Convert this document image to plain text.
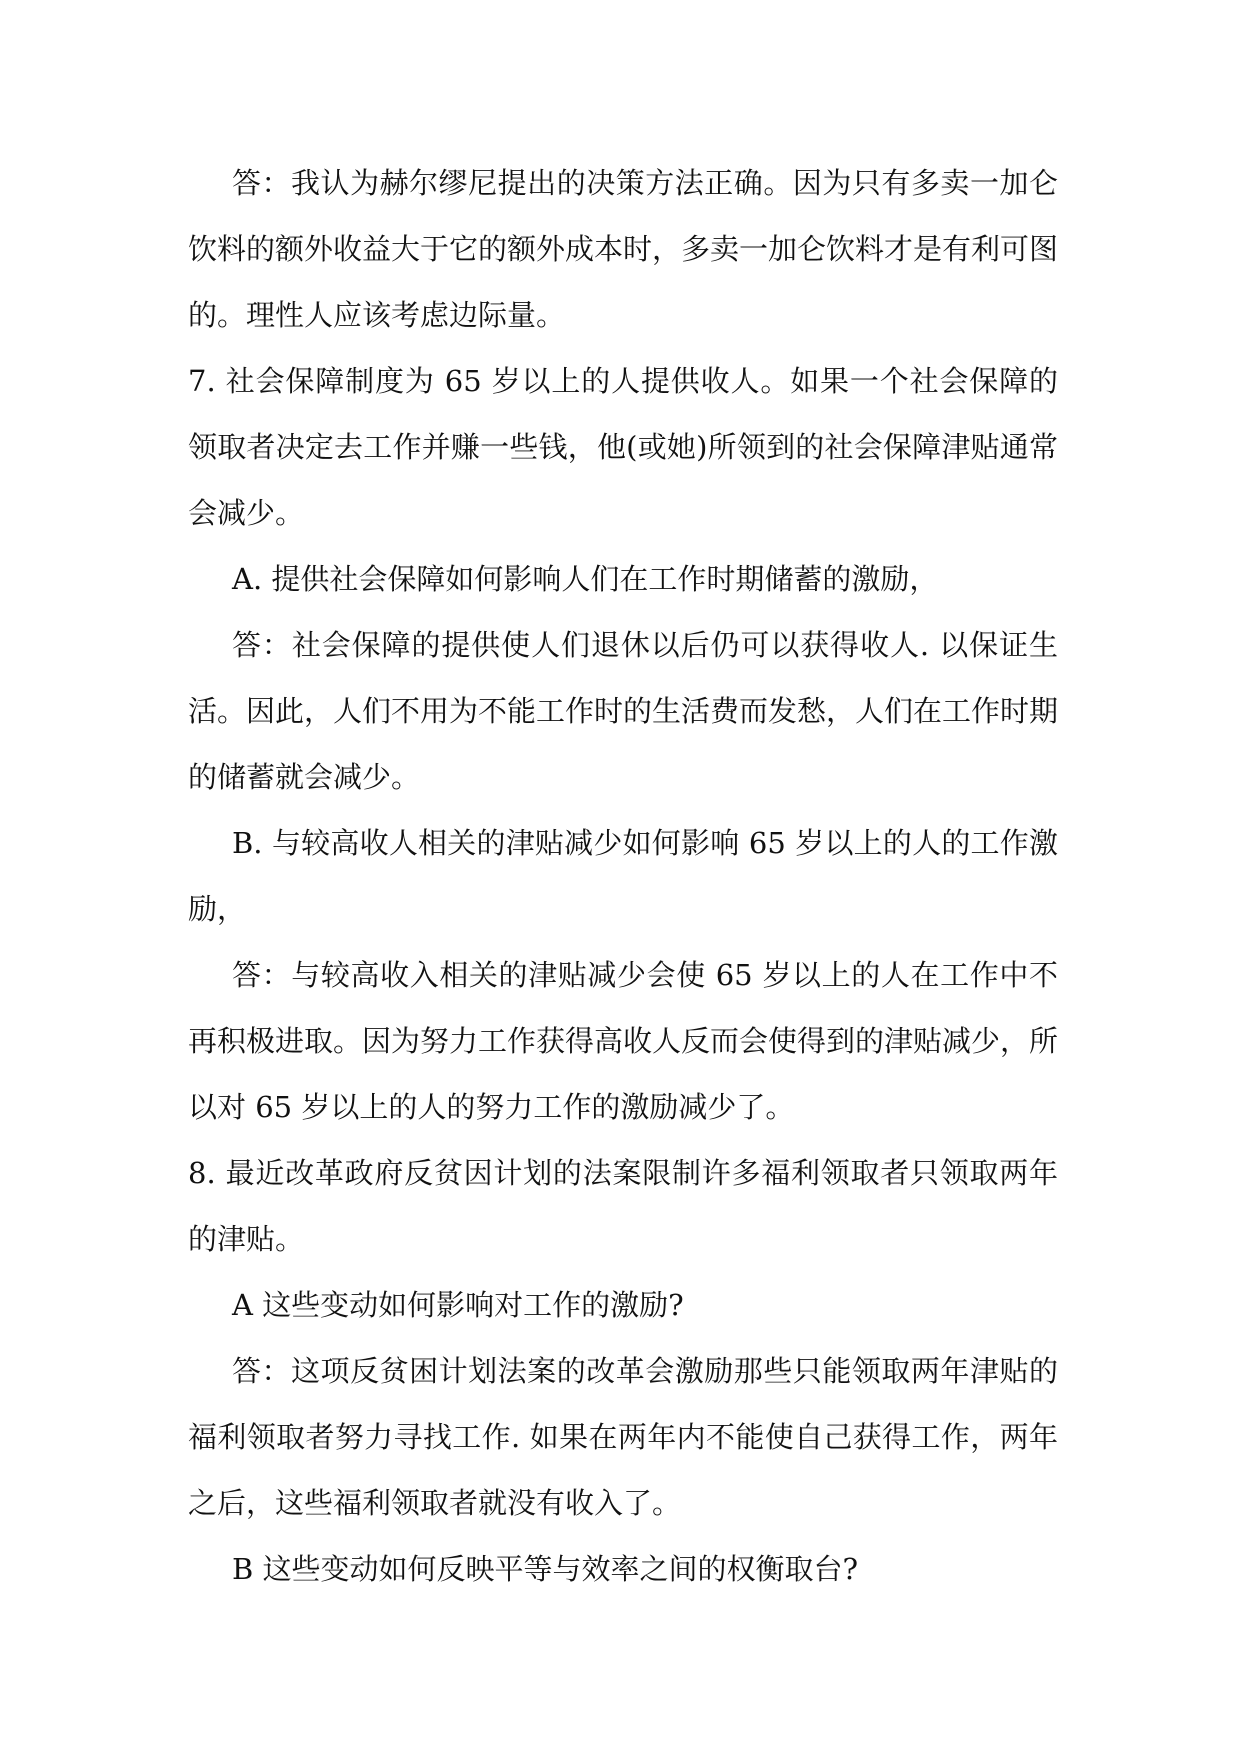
答：我认为赫尔缪尼提出的决策方法正确。因为只有多卖一加仑饮料的额外收益大于它的额外成本时，多卖一加仑饮料才是有利可图的。理性人应该考虑边际量。

7. 社会保障制度为 65 岁以上的人提供收人。如果一个社会保障的领取者决定去工作并赚一些钱，他(或她)所领到的社会保障津贴通常会减少。

A. 提供社会保障如何影响人们在工作时期储蓄的激励，

答：社会保障的提供使人们退休以后仍可以获得收人. 以保证生活。因此，人们不用为不能工作时的生活费而发愁，人们在工作时期的储蓄就会减少。

B. 与较高收人相关的津贴减少如何影响 65 岁以上的人的工作激励，

答：与较高收入相关的津贴减少会使 65 岁以上的人在工作中不再积极进取。因为努力工作获得高收人反而会使得到的津贴减少，所以对 65 岁以上的人的努力工作的激励减少了。

8. 最近改革政府反贫因计划的法案限制许多福利领取者只领取两年的津贴。

A 这些变动如何影响对工作的激励?

答：这项反贫困计划法案的改革会激励那些只能领取两年津贴的福利领取者努力寻找工作. 如果在两年内不能使自己获得工作，两年之后，这些福利领取者就没有收入了。

B 这些变动如何反映平等与效率之间的权衡取台?
